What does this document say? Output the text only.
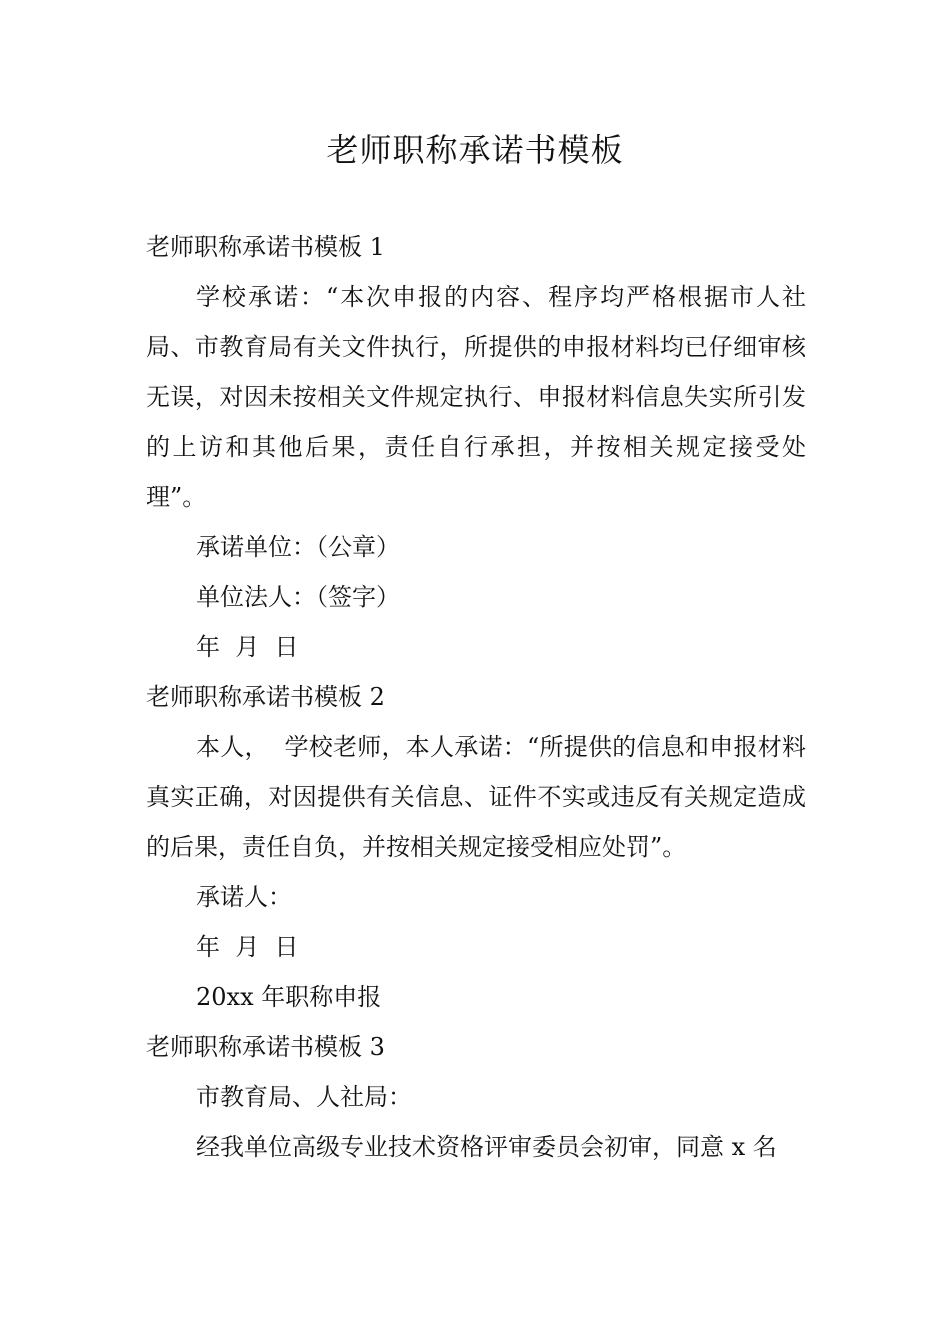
老师职称承诺书模板

老师职称承诺书模板 1

学校承诺：“本次申报的内容、程序均严格根据市人社局、市教育局有关文件执行，所提供的申报材料均已仔细审核无误，对因未按相关文件规定执行、申报材料信息失实所引发的上访和其他后果，责任自行承担，并按相关规定接受处理”。

承诺单位：（公章）

单位法人：（签字）

年  月  日

老师职称承诺书模板 2

本人，  学校老师，本人承诺：“所提供的信息和申报材料真实正确，对因提供有关信息、证件不实或违反有关规定造成的后果，责任自负，并按相关规定接受相应处罚”。

承诺人：

年  月  日

20xx 年职称申报

老师职称承诺书模板 3

市教育局、人社局：

经我单位高级专业技术资格评审委员会初审，同意 x 名
